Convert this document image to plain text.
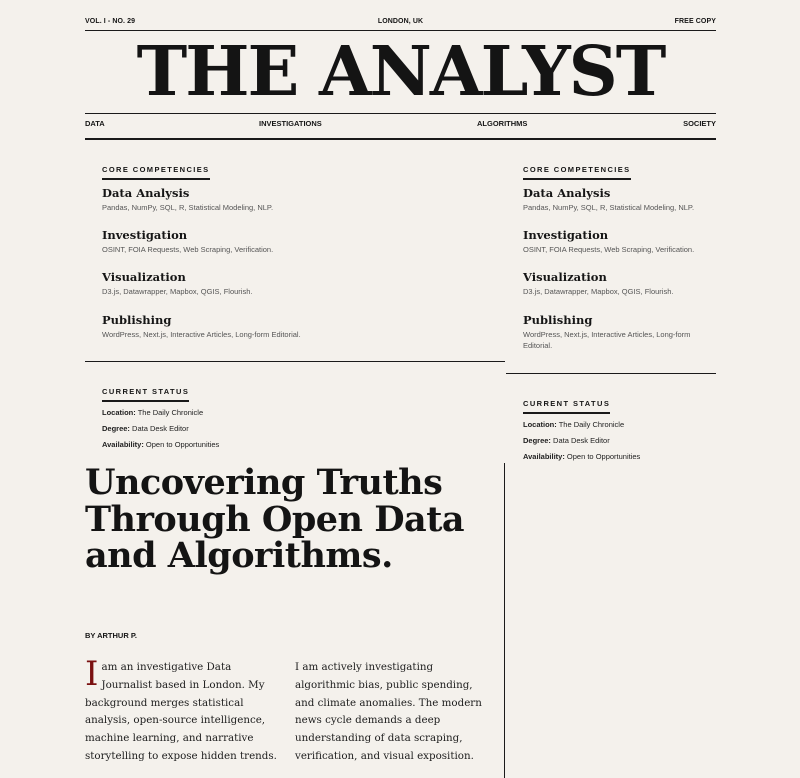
VOL. I - NO. 29	LONDON, UK	FREE COPY
THE ANALYST
DATA	INVESTIGATIONS	ALGORITHMS	SOCIETY
CORE COMPETENCIES
Data Analysis
Pandas, NumPy, SQL, R, Statistical Modeling, NLP.
Investigation
OSINT, FOIA Requests, Web Scraping, Verification.
Visualization
D3.js, Datawrapper, Mapbox, QGIS, Flourish.
Publishing
WordPress, Next.js, Interactive Articles, Long-form Editorial.
CURRENT STATUS
Location: The Daily Chronicle
Degree: Data Desk Editor
Availability: Open to Opportunities
CORE COMPETENCIES
Data Analysis
Pandas, NumPy, SQL, R, Statistical Modeling, NLP.
Investigation
OSINT, FOIA Requests, Web Scraping, Verification.
Visualization
D3.js, Datawrapper, Mapbox, QGIS, Flourish.
Publishing
WordPress, Next.js, Interactive Articles, Long-form Editorial.
CURRENT STATUS
Location: The Daily Chronicle
Degree: Data Desk Editor
Availability: Open to Opportunities
Uncovering Truths Through Open Data and Algorithms.
BY ARTHUR P.
Iam an investigative Data Journalist based in London. My background merges statistical analysis, open-source intelligence, machine learning, and narrative storytelling to expose hidden trends.
I am actively investigating algorithmic bias, public spending, and climate anomalies. The modern news cycle demands a deep understanding of data scraping, verification, and visual exposition.
